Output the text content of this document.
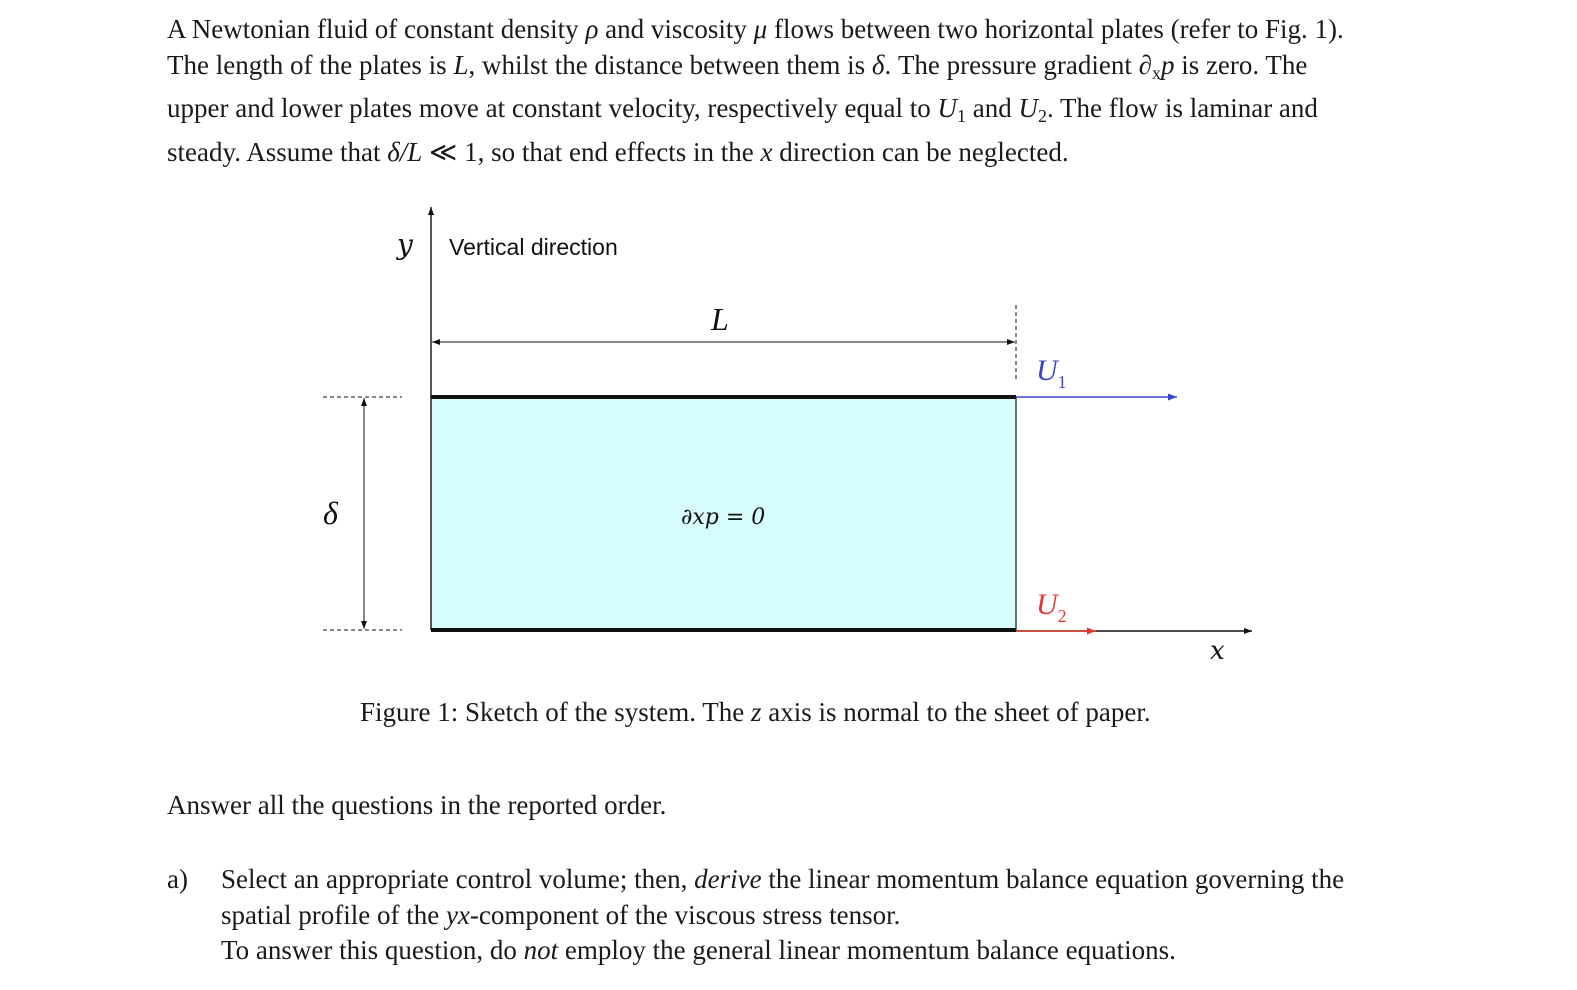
A Newtonian fluid of constant density ρ and viscosity μ flows between two horizontal plates (refer to Fig. 1).

The length of the plates is L, whilst the distance between them is δ. The pressure gradient $\partial_xp$ is zero. The

upper and lower plates move at constant velocity, respectively equal to $U_1$ and $U_2$. The flow is laminar and

steady. Assume that δ/L ≪ 1, so that end effects in the x direction can be neglected.

y Vertical direction
L
δ	∂xp = 0
$U_1$
$U_2$
x
Figure 1: Sketch of the system. The z axis is normal to the sheet of paper.
Answer all the questions in the reported order.
a) Select an appropriate control volume; then, derive the linear momentum balance equation governing the

spatial profile of the yx-component of the viscous stress tensor.

To answer this question, do not employ the general linear momentum balance equations.
